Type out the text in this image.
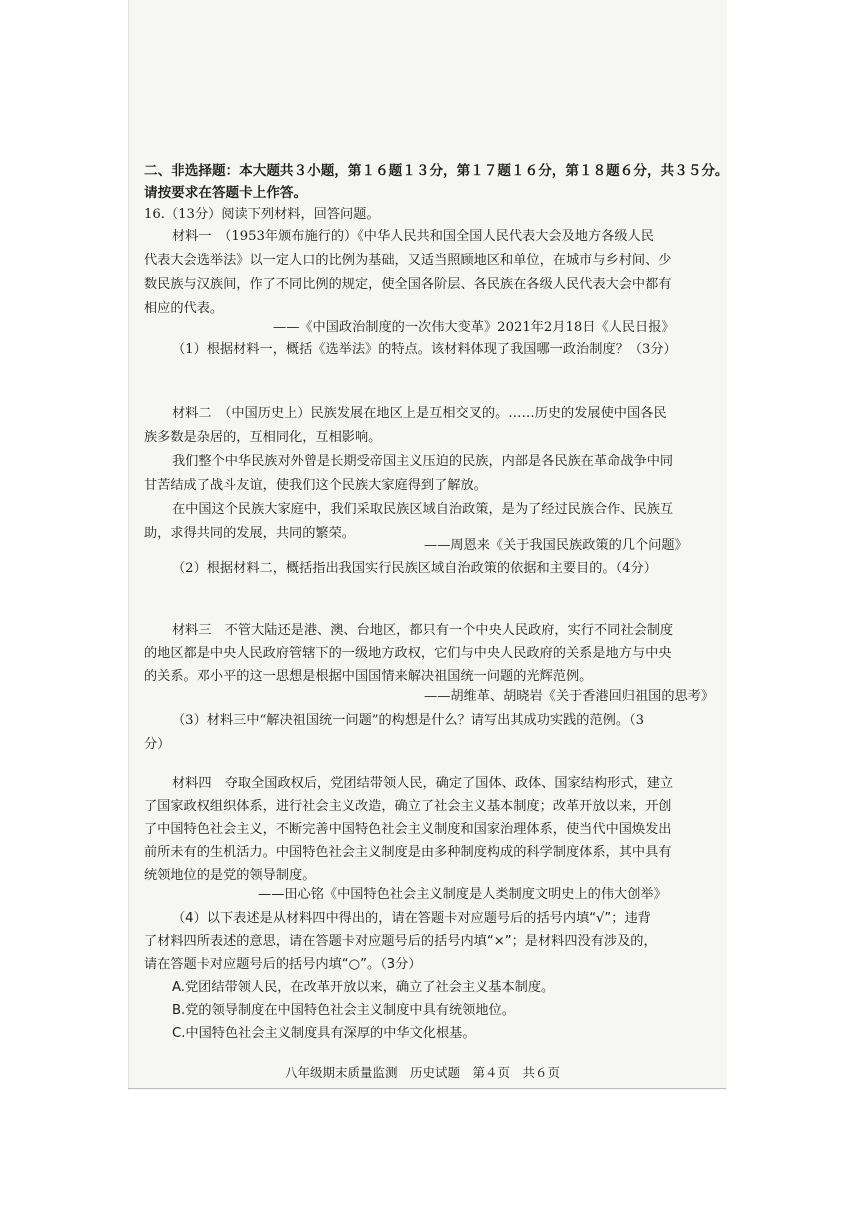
二、非选择题：本大题共３小题，第１６题１３分，第１７题１６分，第１８题６分，共３５分。
请按要求在答题卡上作答。
16.（13分）阅读下列材料，回答问题。
材料一　（1953年颁布施行的）《中华人民共和国全国人民代表大会及地方各级人民
代表大会选举法》以一定人口的比例为基础，又适当照顾地区和单位，在城市与乡村间、少
数民族与汉族间，作了不同比例的规定，使全国各阶层、各民族在各级人民代表大会中都有
相应的代表。
——《中国政治制度的一次伟大变革》2021年2月18日《人民日报》
（1）根据材料一，概括《选举法》的特点。该材料体现了我国哪一政治制度？（3分）
材料二　（中国历史上）民族发展在地区上是互相交叉的。……历史的发展使中国各民
族多数是杂居的，互相同化，互相影响。
我们整个中华民族对外曾是长期受帝国主义压迫的民族，内部是各民族在革命战争中同
甘苦结成了战斗友谊，使我们这个民族大家庭得到了解放。
在中国这个民族大家庭中，我们采取民族区域自治政策，是为了经过民族合作、民族互
助，求得共同的发展，共同的繁荣。
——周恩来《关于我国民族政策的几个问题》
（2）根据材料二，概括指出我国实行民族区域自治政策的依据和主要目的。（4分）
材料三　不管大陆还是港、澳、台地区，都只有一个中央人民政府，实行不同社会制度
的地区都是中央人民政府管辖下的一级地方政权，它们与中央人民政府的关系是地方与中央
的关系。邓小平的这一思想是根据中国国情来解决祖国统一问题的光辉范例。
——胡维革、胡晓岩《关于香港回归祖国的思考》
（3）材料三中“解决祖国统一问题”的构想是什么？请写出其成功实践的范例。（3
分）
材料四　夺取全国政权后，党团结带领人民，确定了国体、政体、国家结构形式，建立
了国家政权组织体系，进行社会主义改造，确立了社会主义基本制度；改革开放以来，开创
了中国特色社会主义，不断完善中国特色社会主义制度和国家治理体系，使当代中国焕发出
前所未有的生机活力。中国特色社会主义制度是由多种制度构成的科学制度体系，其中具有
统领地位的是党的领导制度。
——田心铭《中国特色社会主义制度是人类制度文明史上的伟大创举》
（4）以下表述是从材料四中得出的，请在答题卡对应题号后的括号内填“√”；违背
了材料四所表述的意思，请在答题卡对应题号后的括号内填“×”；是材料四没有涉及的，
请在答题卡对应题号后的括号内填“○”。（3分）
A.党团结带领人民，在改革开放以来，确立了社会主义基本制度。
B.党的领导制度在中国特色社会主义制度中具有统领地位。
C.中国特色社会主义制度具有深厚的中华文化根基。
八年级期末质量监测　历史试题　第４页　共６页
